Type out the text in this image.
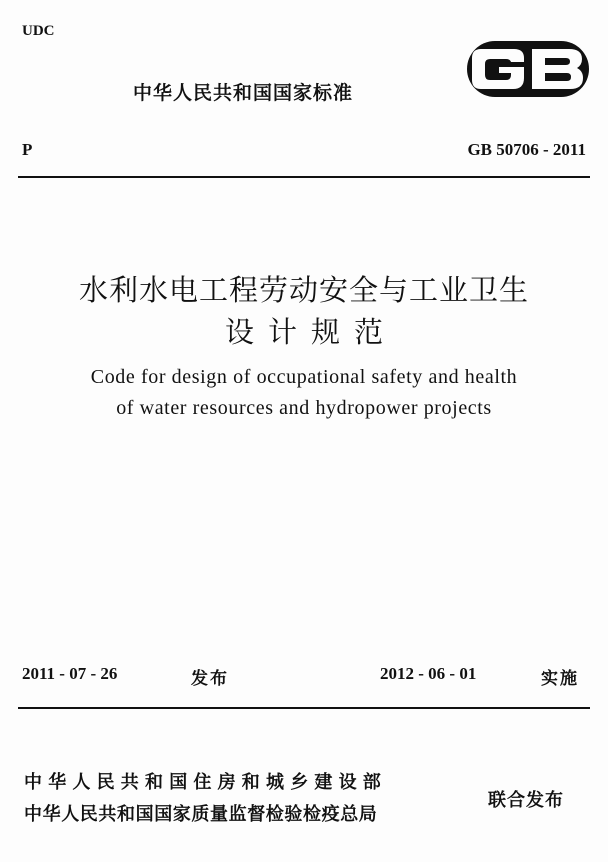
UDC
中华人民共和国国家标准
P	GB 50706 - 2011
水利水电工程劳动安全与工业卫生
设计规范
Code for design of occupational safety and health
of water resources and hydropower projects
2011 - 07 - 26	发布	2012 - 06 - 01	实施
中华人民共和国住房和城乡建设部
中华人民共和国国家质量监督检验检疫总局
联合发布
